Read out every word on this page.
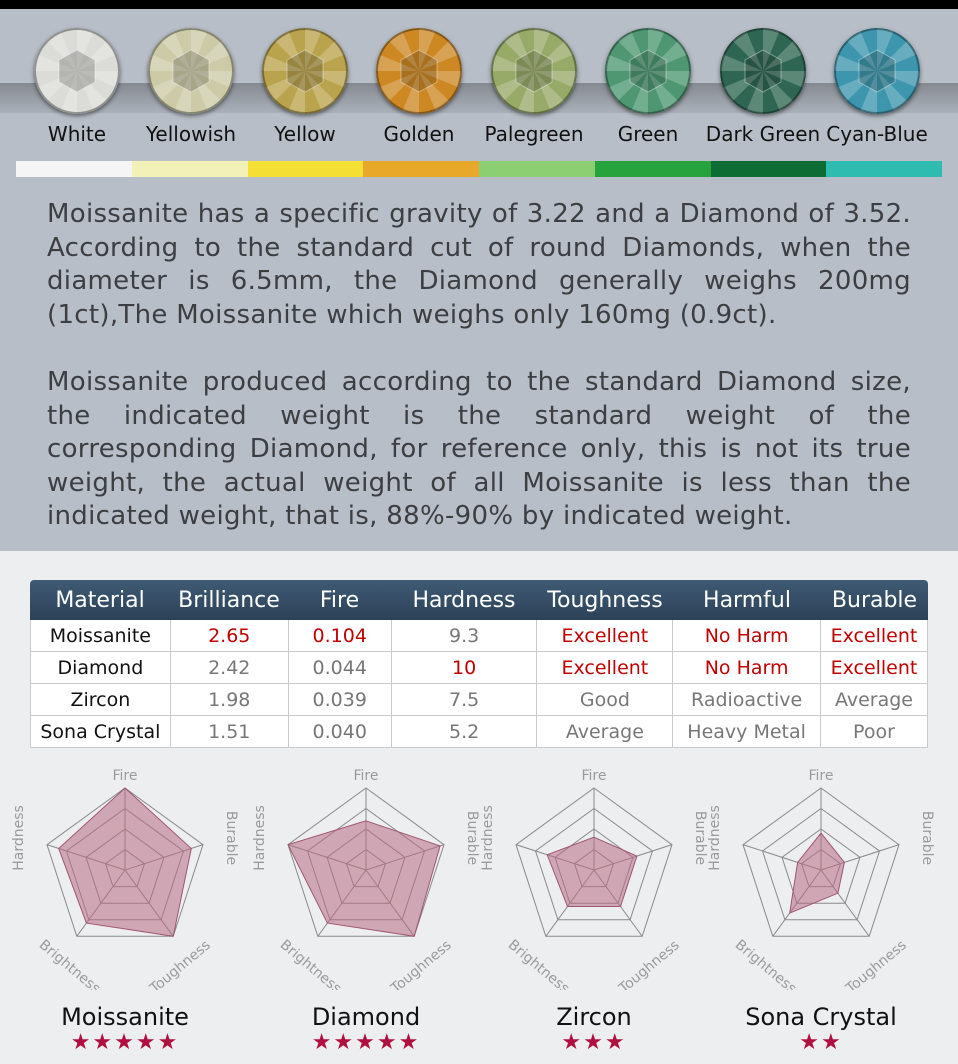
White	Yellowish	Yellow	Golden	Palegreen	Green	Dark Green Cyan-Blue
Moissanite has a specific gravity of 3.22 and a Diamond of 3.52. According to the standard cut of round Diamonds, when the diameter is 6.5mm, the Diamond generally weighs 200mg (1ct),The Moissanite which weighs only 160mg (0.9ct).
Moissanite produced according to the standard Diamond size, the indicated weight is the standard weight of the corresponding Diamond, for reference only, this is not its true weight, the actual weight of all Moissanite is less than the indicated weight, that is, 88%-90% by indicated weight.
Material	Brilliance	Fire	Hardness	Toughness	Harmful	Burable
Moissanite	2.65	0.104	9.3	Excellent	No Harm	Excellent
Diamond	2.42	0.044	10	Excellent	No Harm	Excellent
Zircon	1.98	0.039	7.5	Good	Radioactive	Average
Sona Crystal	1.51	0.040	5.2	Average	Heavy Metal	Poor
Fire
Burable
Toughness
Brightness
Hardness
Moissanite
★★★★★
Fire
Burable
Toughness
Brightness
Hardness
Diamond
★★★★★
Fire
Burable
Toughness
Brightness
Hardness
Zircon
★★★
Fire
Burable
Toughness
Brightness
Hardness
Sona Crystal
★★
